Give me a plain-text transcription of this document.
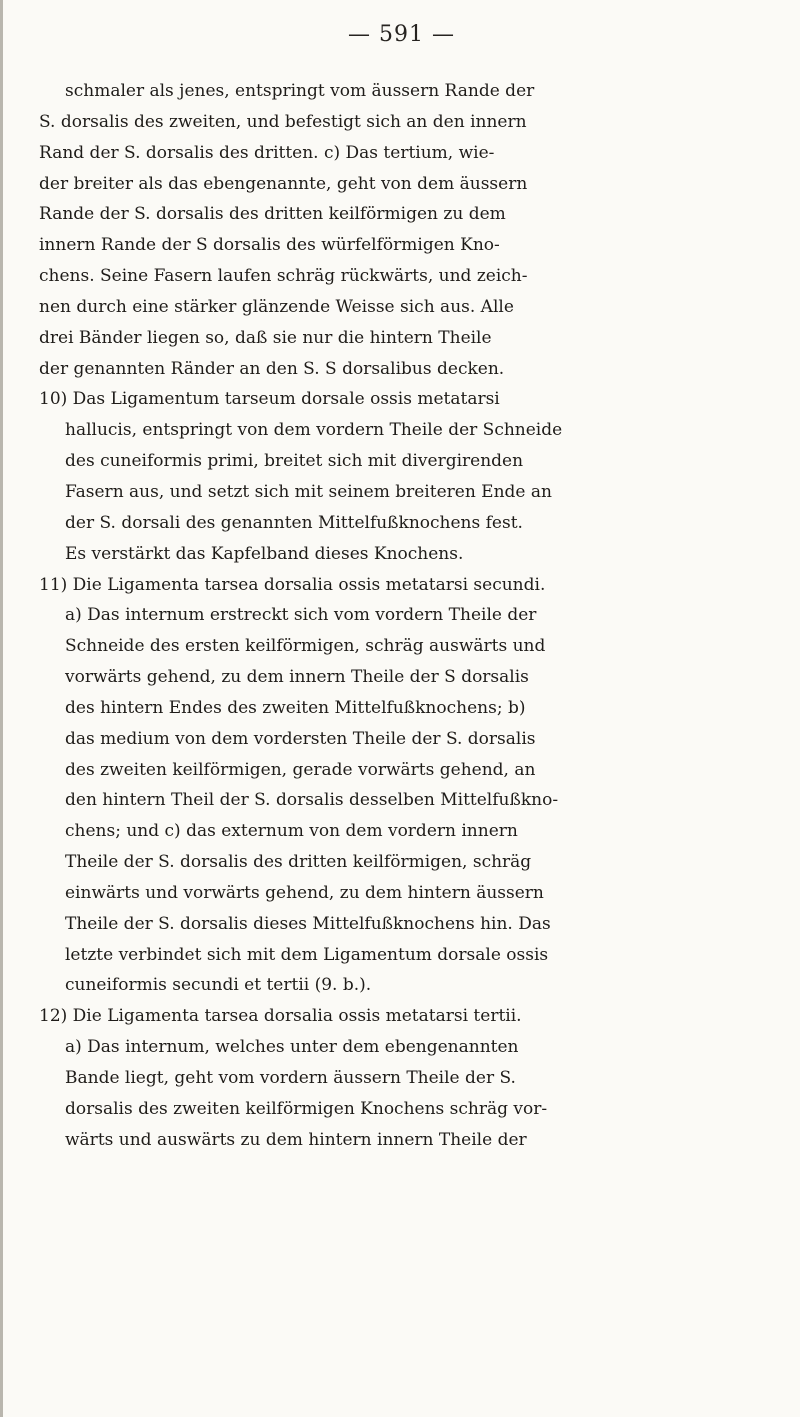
— 591 —
schmaler als jenes, entspringt vom äussern Rande der
S. dorsalis des zweiten, und befestigt sich an den innern
Rand der S. dorsalis des dritten. c) Das tertium, wie-
der breiter als das ebengenannte, geht von dem äussern
Rande der S. dorsalis des dritten keilförmigen zu dem
innern Rande der S dorsalis des würfelförmigen Kno-
chens. Seine Fasern laufen schräg rückwärts, und zeich-
nen durch eine stärker glänzende Weisse sich aus. Alle
drei Bänder liegen so, daß sie nur die hintern Theile
der genannten Ränder an den S. S dorsalibus decken.
10) Das Ligamentum tarseum dorsale ossis metatarsi
hallucis, entspringt von dem vordern Theile der Schneide
des cuneiformis primi, breitet sich mit divergirenden
Fasern aus, und setzt sich mit seinem breiteren Ende an
der S. dorsali des genannten Mittelfußknochens fest.
Es verstärkt das Kapfelband dieses Knochens.
11) Die Ligamenta tarsea dorsalia ossis metatarsi secundi.
a) Das internum erstreckt sich vom vordern Theile der
Schneide des ersten keilförmigen, schräg auswärts und
vorwärts gehend, zu dem innern Theile der S dorsalis
des hintern Endes des zweiten Mittelfußknochens; b)
das medium von dem vordersten Theile der S. dorsalis
des zweiten keilförmigen, gerade vorwärts gehend, an
den hintern Theil der S. dorsalis desselben Mittelfußkno-
chens; und c) das externum von dem vordern innern
Theile der S. dorsalis des dritten keilförmigen, schräg
einwärts und vorwärts gehend, zu dem hintern äussern
Theile der S. dorsalis dieses Mittelfußknochens hin. Das
letzte verbindet sich mit dem Ligamentum dorsale ossis
cuneiformis secundi et tertii (9. b.).
12) Die Ligamenta tarsea dorsalia ossis metatarsi tertii.
a) Das internum, welches unter dem ebengenannten
Bande liegt, geht vom vordern äussern Theile der S.
dorsalis des zweiten keilförmigen Knochens schräg vor-
wärts und auswärts zu dem hintern innern Theile der
